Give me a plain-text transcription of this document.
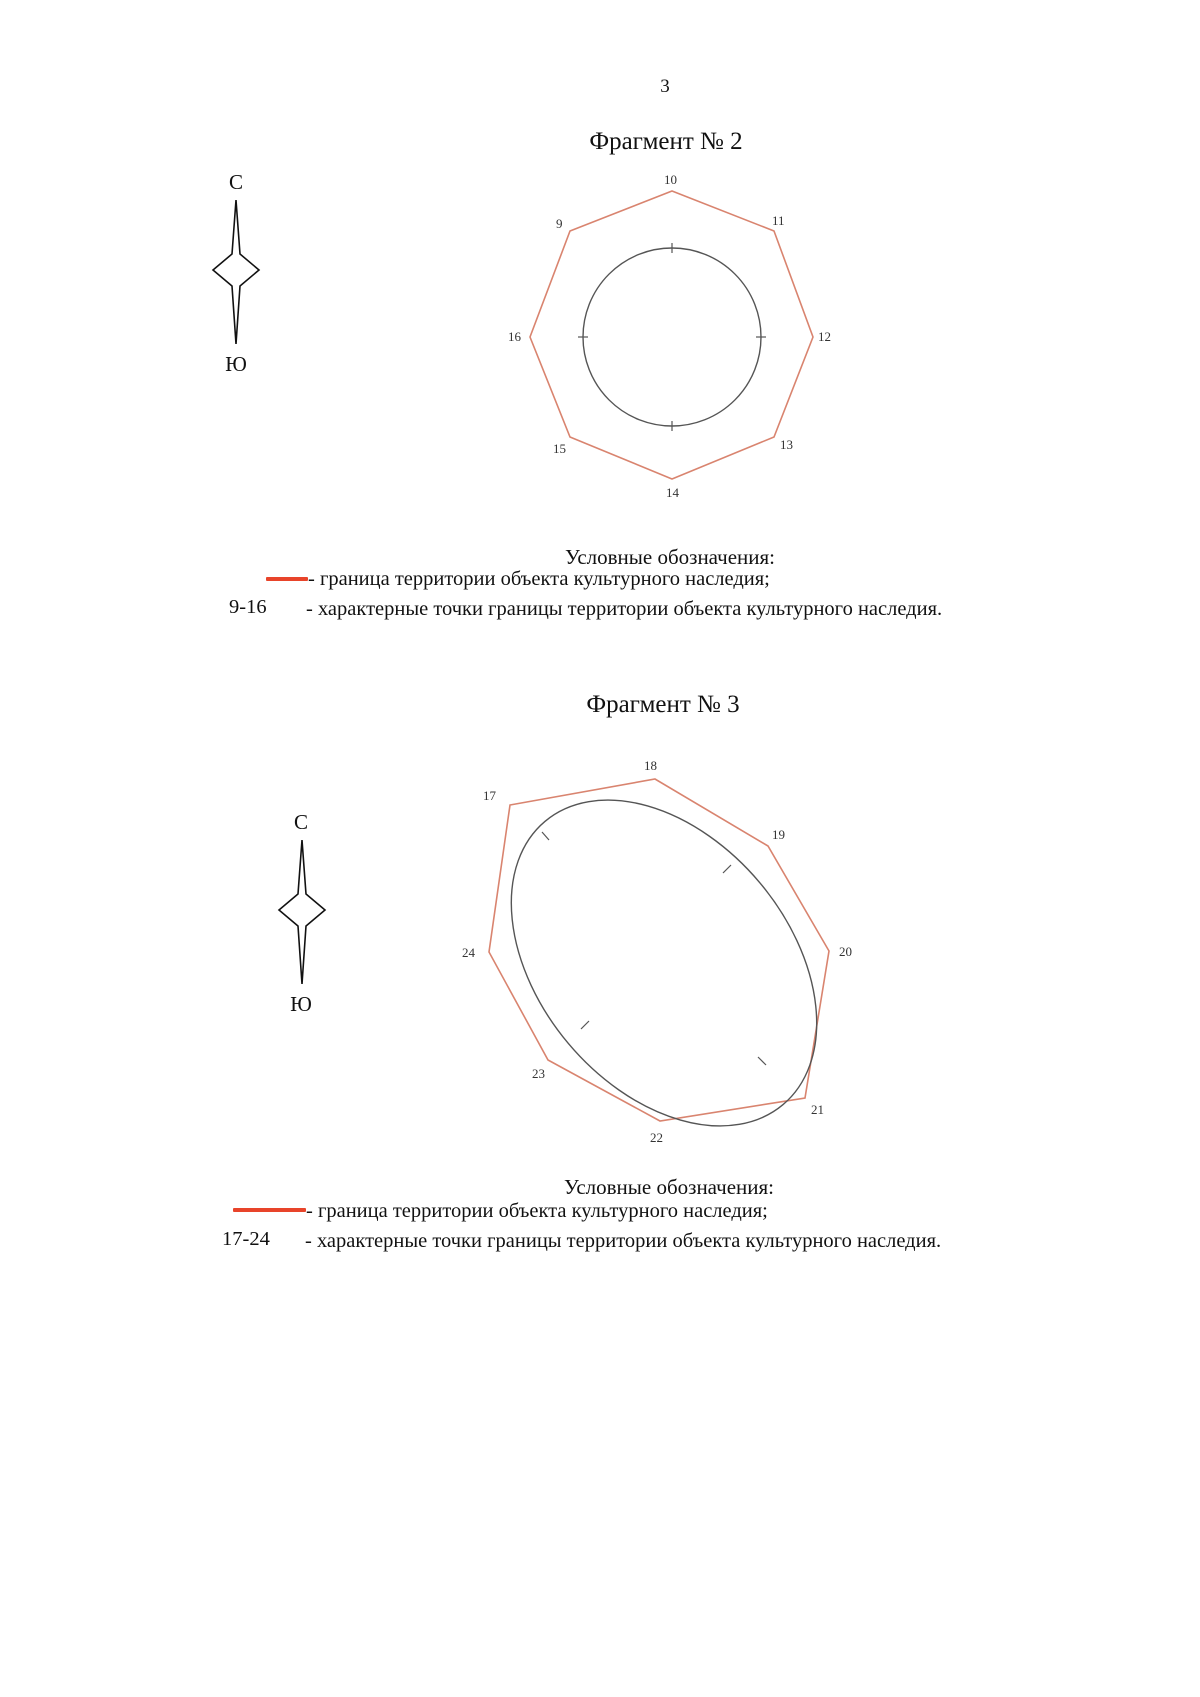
3
Фрагмент № 2
С
Ю
9
10
11
12
13
14
15
16
Условные обозначения:
- граница территории объекта культурного наследия;
9-16 - характерные точки границы территории объекта культурного наследия.
Фрагмент № 3
С
Ю
17
18
19
20
21
22
23
24
Условные обозначения:
- граница территории объекта культурного наследия;
17-24 - характерные точки границы территории объекта культурного наследия.
